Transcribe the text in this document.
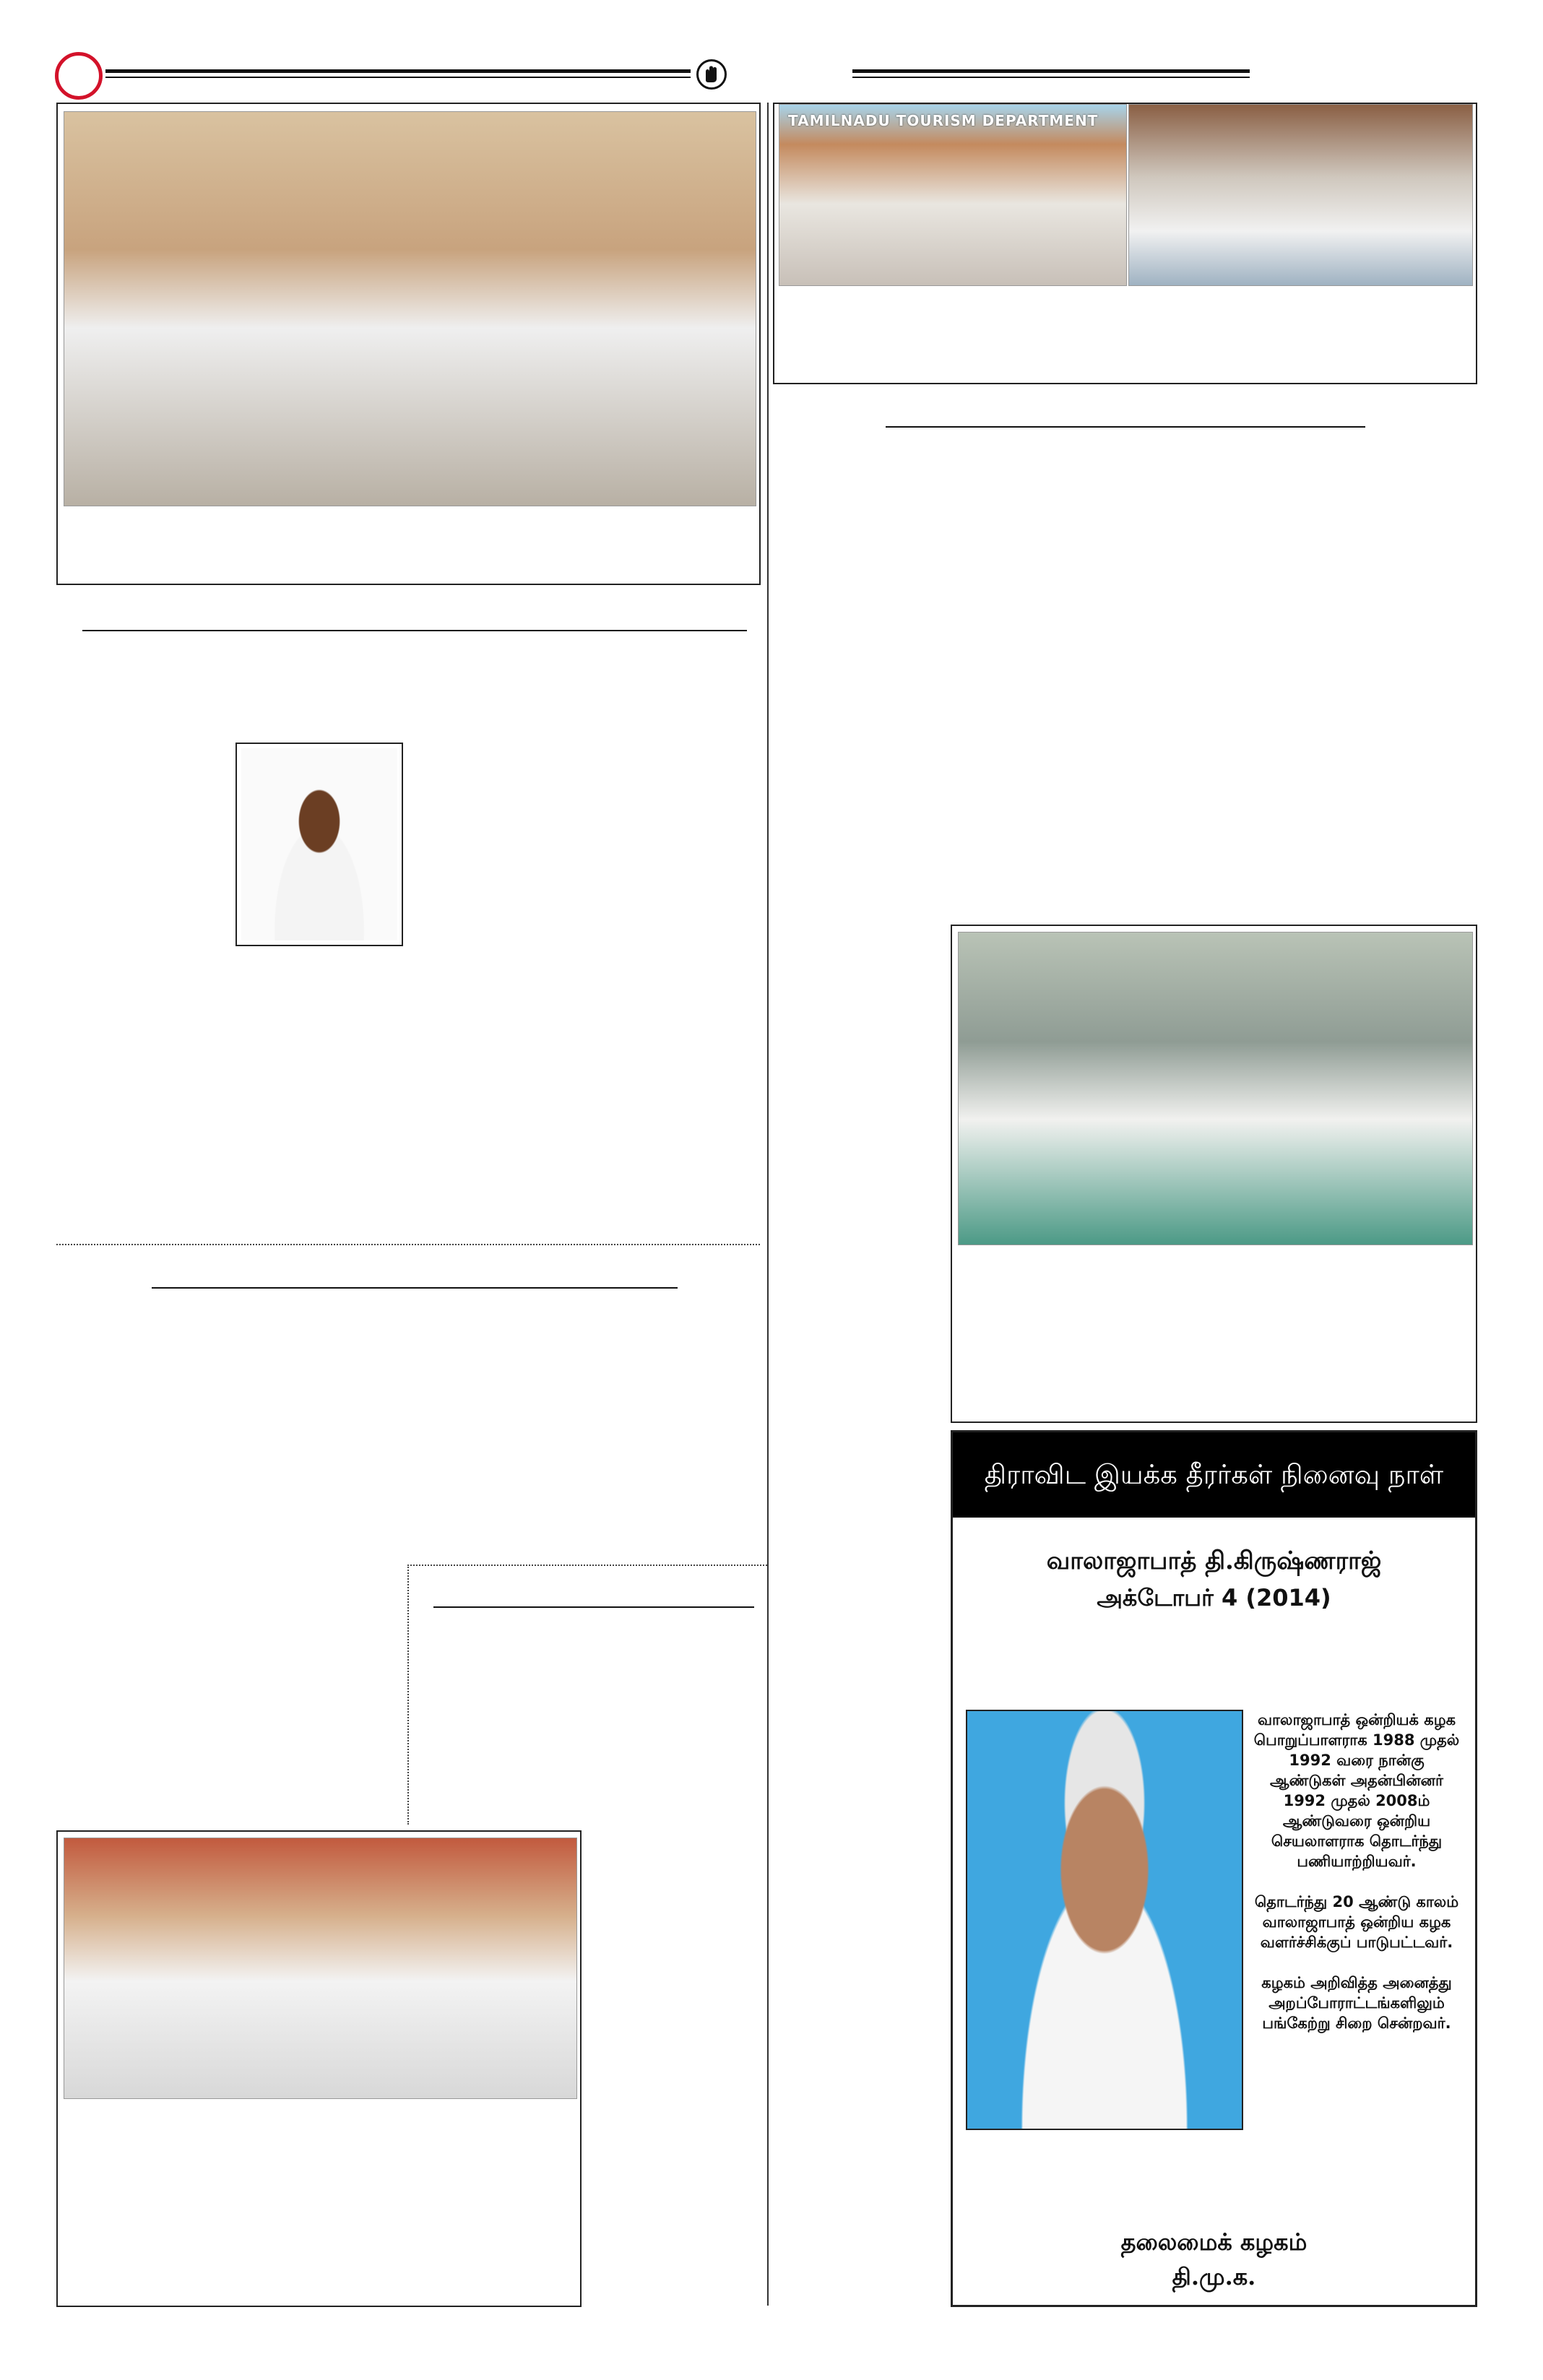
TAMILNADU TOURISM DEPARTMENT
திராவிட இயக்க தீரர்கள் நினைவு நாள்
வாலாஜாபாத் தி.கிருஷ்ணராஜ்
அக்டோபர் 4 (2014)

வாலாஜாபாத் ஒன்றியக் கழக பொறுப்பாளராக 1988 முதல் 1992 வரை நான்கு ஆண்டுகள் அதன்பின்னர் 1992 முதல் 2008ம் ஆண்டுவரை ஒன்றிய செயலாளராக தொடர்ந்து பணியாற்றியவர்.

தொடர்ந்து 20 ஆண்டு காலம் வாலாஜாபாத் ஒன்றிய கழக வளர்ச்சிக்குப் பாடுபட்டவர்.

கழகம் அறிவித்த அனைத்து அறப்போராட்டங்களிலும் பங்கேற்று சிறை சென்றவர்.

தலைமைக் கழகம்
தி.மு.க.
